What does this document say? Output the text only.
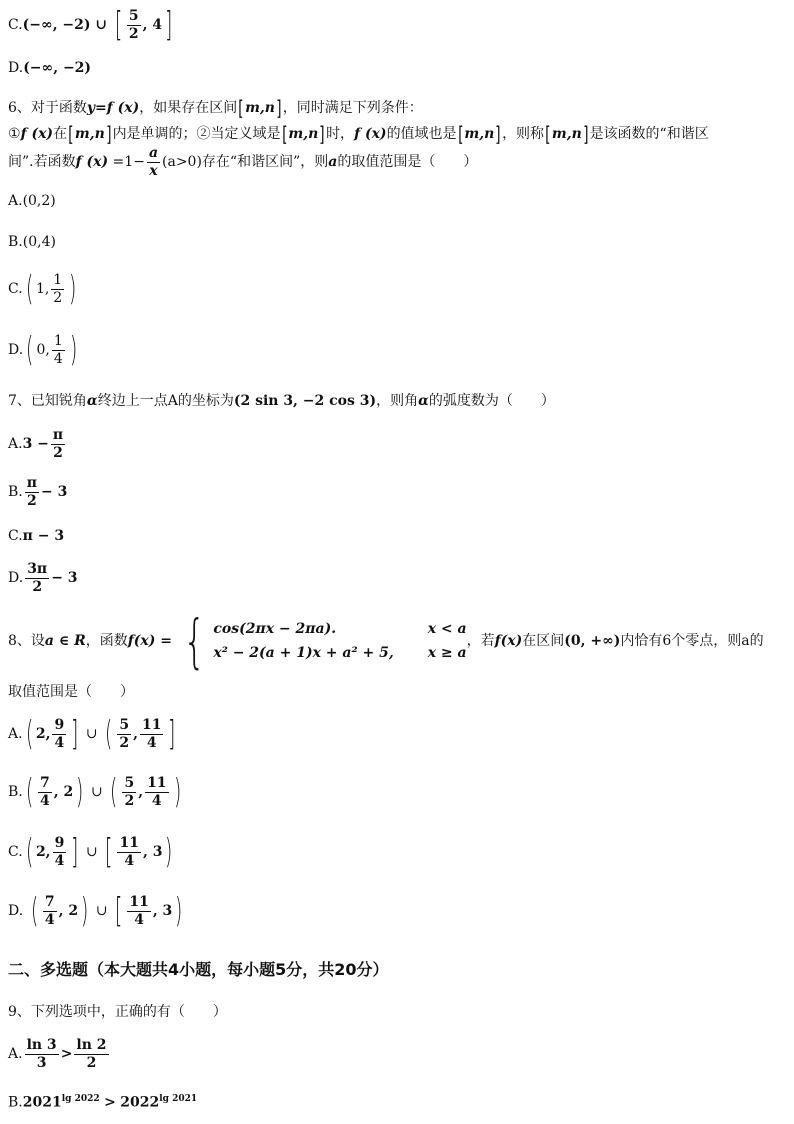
C.(−∞, −2) ∪ [ $\frac{5}{2}$ , 4]
D.(−∞, −2)
6、对于函数y=f (x)，如果存在区间[m,n]，同时满足下列条件：
①f (x)在[m,n]内是单调的；②当定义域是[m,n]时，f (x)的值域也是[m,n]，则称[m,n]是该函数的“和谐区
间”.若函数f $(x) =1- \frac{a}{x} (a>0)$存在“和谐区间”，则a的取值范围是（　　）
A.(0,2)
B.(0,4)
C.( 1, $\frac{1}{2}$ )
D.( 0, $\frac{1}{4}$ )
7、已知锐角α终边上一点A的坐标为(2 sin 3, −2 cos 3)，则角α的弧度数为（　　）
$A.3 - \frac{\pi}{2}$
B. $\frac{\pi}{2} - 3$
C.π − 3
D. $\frac{3\pi}{2} - 3$
8、设a ∈ R，函数f(x) = { cos(2πx − 2πa).	x < a
x² − 2(a + 1)x + a² + 5, x ≥ a
，若f(x)在区间(0, +∞)内恰有6个零点，则a的
取值范围是（　　）
A.( 2, $\frac{9}{4}$ ] ∪ ( $\frac{5}{2}$ , $\frac{11}{4}$ ]
$B.( \frac{7}{4}$ , 2) ∪ ( $\frac{5}{2}$ , $\frac{11}{4}$ )
C.( 2, $\frac{9}{4}$ ] ∪ [ $\frac{11}{4}$ , 3)
D. ( $\frac{7}{4}$ , 2) ∪ [ $\frac{11}{4}$ , 3)
二、多选题（本大题共4小题，每小题5分，共20分）
9、下列选项中，正确的有（　　）
A. $\frac{\ln 3}{3} > \frac{\ln 2}{2}$
$B.2021^{lg 2022} > 2022^{lg 2021}$
